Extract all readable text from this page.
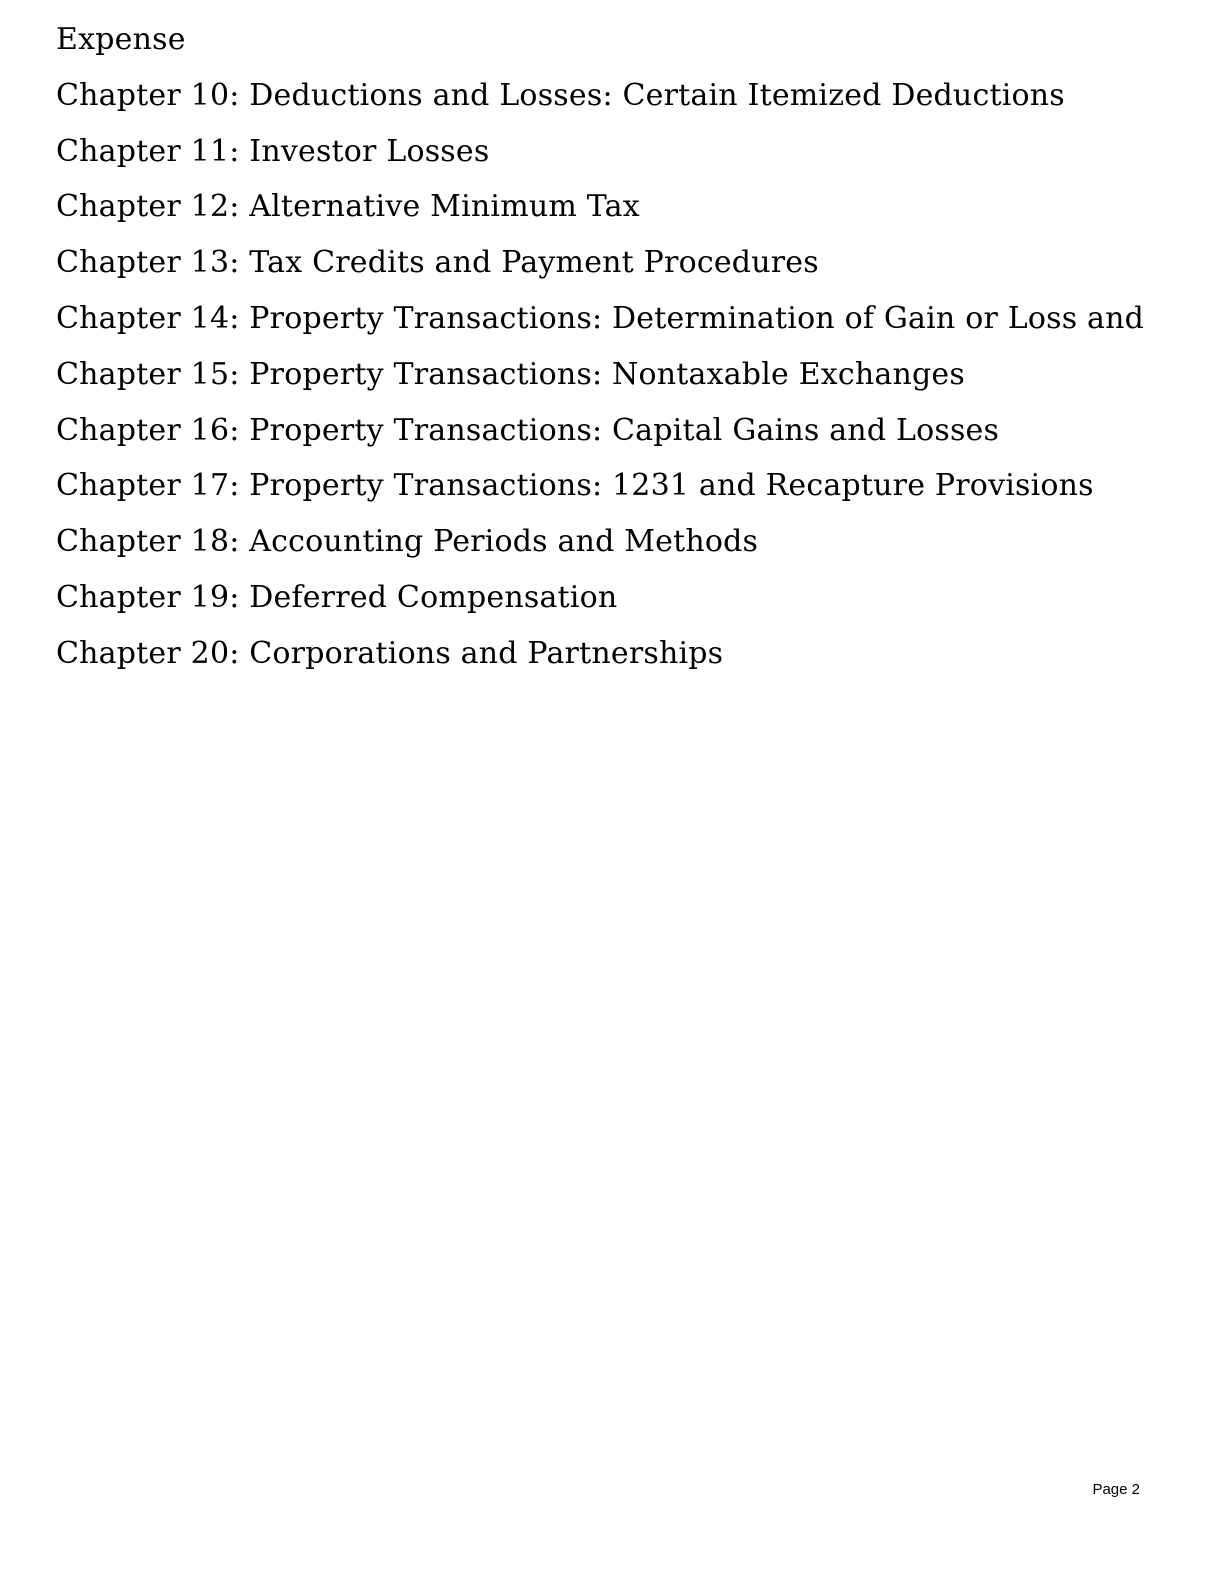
Expense
Chapter 10: Deductions and Losses: Certain Itemized Deductions
Chapter 11: Investor Losses
Chapter 12: Alternative Minimum Tax
Chapter 13: Tax Credits and Payment Procedures
Chapter 14: Property Transactions: Determination of Gain or Loss and
Chapter 15: Property Transactions: Nontaxable Exchanges
Chapter 16: Property Transactions: Capital Gains and Losses
Chapter 17: Property Transactions: 1231 and Recapture Provisions
Chapter 18: Accounting Periods and Methods
Chapter 19: Deferred Compensation
Chapter 20: Corporations and Partnerships
Page 2
